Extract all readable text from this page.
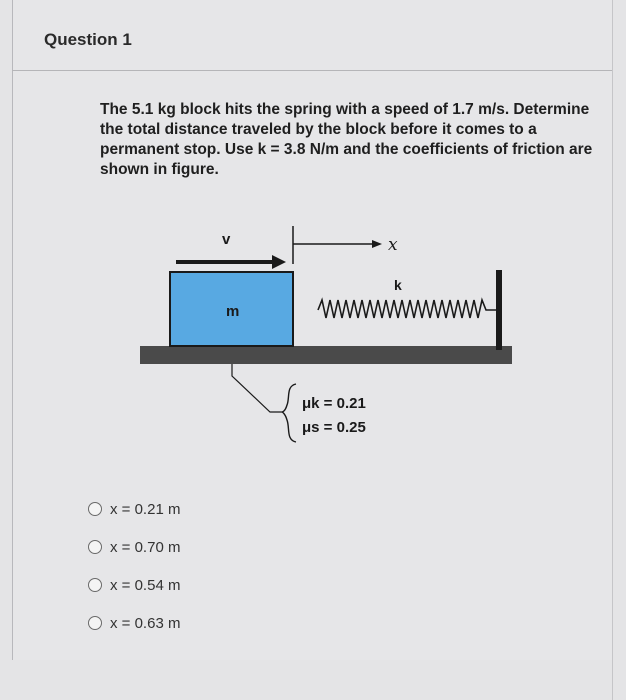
Question 1
The 5.1 kg block hits the spring with a speed of 1.7 m/s. Determine the total distance traveled by the block before it comes to a permanent stop. Use k = 3.8 N/m and the coefficients of friction are shown in figure.
m
v	x
k
μk = 0.21
μs = 0.25
x = 0.21 m
x = 0.70 m
x = 0.54 m
x = 0.63 m
